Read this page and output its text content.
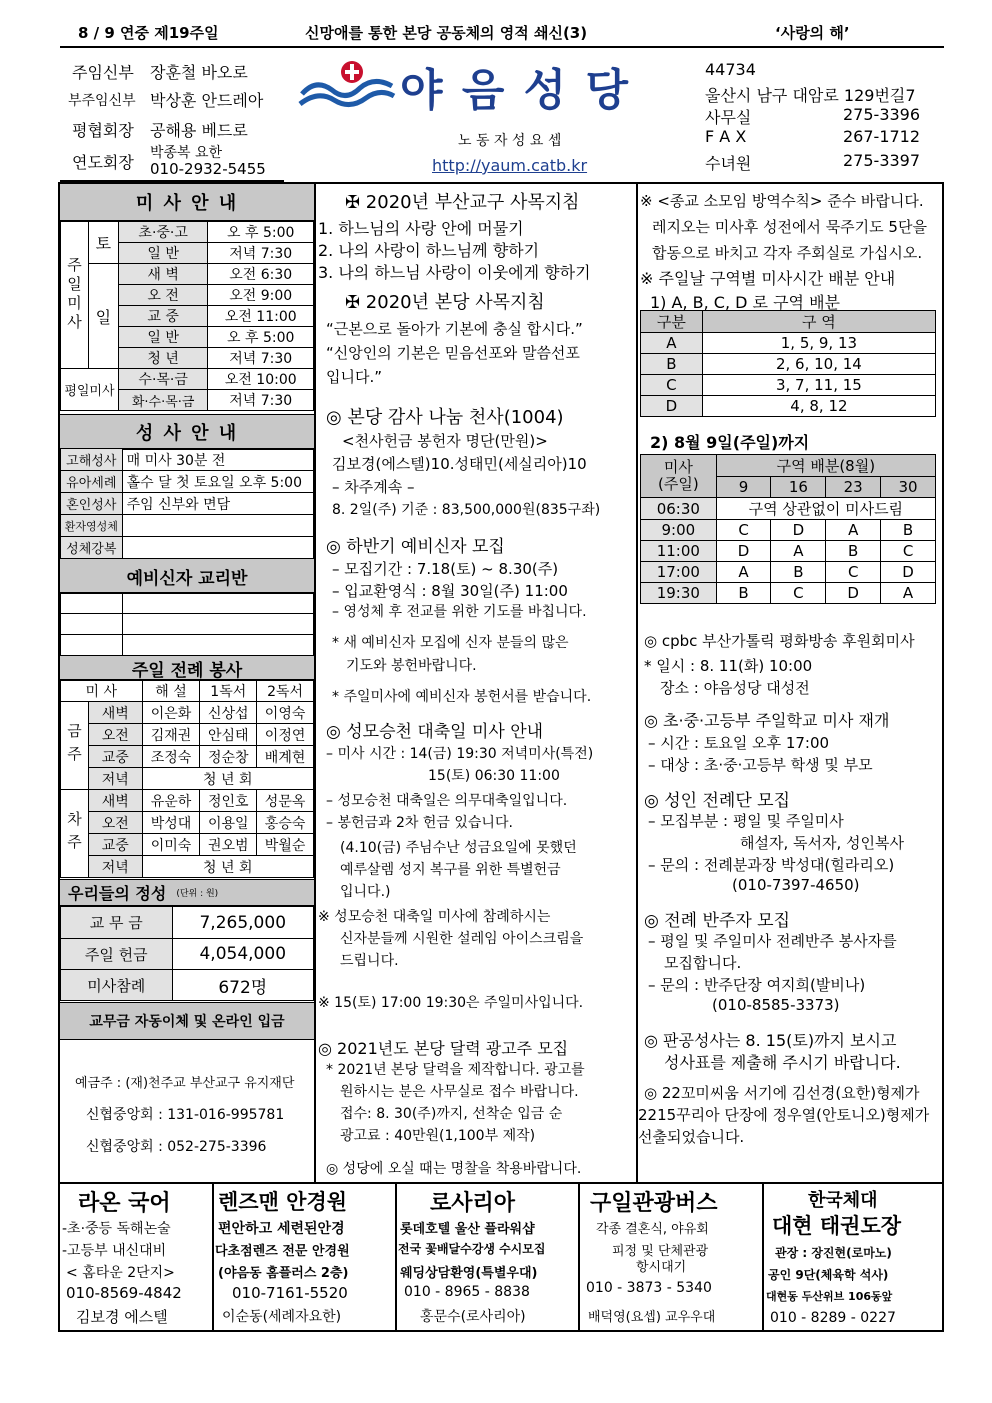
8 / 9 연중 제19주일	신망애를 통한 본당 공동체의 영적 쇄신(3)	‘사랑의 해’
주임신부 장훈철 바오로
부주임신부 박상훈 안드레아
평협회장 공해용 베드로
연도회장 박종복 요한
010-2932-5455
야 음 성 당
노 동 자 성 요 셉
http://yaum.catb.kr
44734
울산시 남구 대암로 129번길7
사무실	275-3396
F A X	267-1712
수녀원	275-3397
미 사 안 내
주일미사	토	초·중·고	오 후 5:00
		일 반	저녁 7:30
	일	새 벽	오전 6:30
		오 전	오전 9:00
		교 중	오전 11:00
		일 반	오 후 5:00
		청 년	저녁 7:30
평일미사		수·목·금	오전 10:00
		화·수·목·금	저녁 7:30
성 사 안 내
고해성사	매 미사 30분 전
유아세례	홀수 달 첫 토요일 오후 5:00
혼인성사	주임 신부와 면담
환자영성체	
성체강복	
예비신자 교리반

주일 전례 봉사
미 사		해 설	1독서	2독서
금주	새벽	이은화	신상섭	이영숙
	오전	김재권	안심태	이정연
	교중	조정숙	정순창	배계현
	저녁	청 년 회		
차주	새벽	유운하	정인호	성문옥
	오전	박성대	이용일	홍승숙
	교중	이미숙	권오범	박월순
	저녁	청 년 회		
우리들의 정성 (단위 : 원)
교 무 금	7,265,000
주일 헌금	4,054,000
미사참례	672명
교무금 자동이체 및 온라인 입금
예금주 : (재)천주교 부산교구 유지재단
신협중앙회 : 131-016-995781
신협중앙회 : 052-275-3396
✠ 2020년 부산교구 사목지침
1. 하느님의 사랑 안에 머물기
2. 나의 사랑이 하느님께 향하기
3. 나의 하느님 사랑이 이웃에게 향하기
✠ 2020년 본당 사목지침
“근본으로 돌아가 기본에 충실 합시다.”
“신앙인의 기본은 믿음선포와 말씀선포
입니다.”
◎ 본당 감사 나눔 천사(1004)
<천사헌금 봉헌자 명단(만원)>
김보경(에스텔)10.성태민(세실리아)10
– 차주계속 –
8. 2일(주) 기준 : 83,500,000원(835구좌)
◎ 하반기 예비신자 모집
– 모집기간 : 7.18(토) ~ 8.30(주)
– 입교환영식 : 8월 30일(주) 11:00
– 영성체 후 전교를 위한 기도를 바칩니다.
* 새 예비신자 모집에 신자 분들의 많은
기도와 봉헌바랍니다.
* 주일미사에 예비신자 봉헌서를 받습니다.
◎ 성모승천 대축일 미사 안내
– 미사 시간 : 14(금) 19:30 저녁미사(특전)
15(토) 06:30 11:00
– 성모승천 대축일은 의무대축일입니다.
– 봉헌금과 2차 헌금 있습니다.
(4.10(금) 주님수난 성금요일에 못했던
예루살렘 성지 복구를 위한 특별헌금
입니다.)
※ 성모승천 대축일 미사에 참례하시는
신자분들께 시원한 설레임 아이스크림을
드립니다.
※ 15(토) 17:00 19:30은 주일미사입니다.
◎ 2021년도 본당 달력 광고주 모집
* 2021년 본당 달력을 제작합니다. 광고를
원하시는 분은 사무실로 접수 바랍니다.
접수: 8. 30(주)까지, 선착순 입금 순
광고료 : 40만원(1,100부 제작)
◎ 성당에 오실 때는 명찰을 착용바랍니다.
※ <종교 소모임 방역수칙> 준수 바랍니다.
레지오는 미사후 성전에서 묵주기도 5단을
합동으로 바치고 각자 주회실로 가십시오.
※ 주일날 구역별 미사시간 배분 안내
1) A, B, C, D 로 구역 배분
구분	구 역
A	1, 5, 9, 13
B	2, 6, 10, 14
C	3, 7, 11, 15
D	4, 8, 12
2) 8월 9일(주일)까지
미사
(주일)	구역 배분(8월)			
	9	16	23	30
06:30	구역 상관없이 미사드림			
9:00	C	D	A	B
11:00	D	A	B	C
17:00	A	B	C	D
19:30	B	C	D	A
◎ cpbc 부산가톨릭 평화방송 후원회미사
* 일시 : 8. 11(화) 10:00
장소 : 야음성당 대성전
◎ 초·중·고등부 주일학교 미사 재개
– 시간 : 토요일 오후 17:00
– 대상 : 초·중·고등부 학생 및 부모
◎ 성인 전례단 모집
– 모집부분 : 평일 및 주일미사
해설자, 독서자, 성인복사
– 문의 : 전례분과장 박성대(힐라리오)
(010-7397-4650)
◎ 전례 반주자 모집
– 평일 및 주일미사 전례반주 봉사자를
모집합니다.
– 문의 : 반주단장 여지희(발비나)
(010-8585-3373)
◎ 판공성사는 8. 15(토)까지 보시고
성사표를 제출해 주시기 바랍니다.
◎ 22꼬미씨움 서기에 김선경(요한)형제가
2215꾸리아 단장에 정우열(안토니오)형제가
선출되었습니다.
라온 국어
-초·중등 독해논술
-고등부 내신대비
< 홈타운 2단지>
010-8569-4842
김보경 에스텔
렌즈맨 안경원
편안하고 세련된안경
다초점렌즈 전문 안경원
(야음동 홈플러스 2층)
010-7161-5520
이순동(세례자요한)
로사리아
롯데호텔 울산 플라워샵
전국 꽃배달수강생 수시모집
웨딩상담환영(특별우대)
010 - 8965 - 8838
홍문수(로사리아)
구일관광버스
각종 결혼식, 야유회
피정 및 단체관광
항시대기
010 - 3873 - 5340
배덕영(요셉) 교우우대
한국체대
대현 태권도장
관장 : 장진현(로마노)
공인 9단(체육학 석사)
대현동 두산위브 106동앞
010 - 8289 - 0227
